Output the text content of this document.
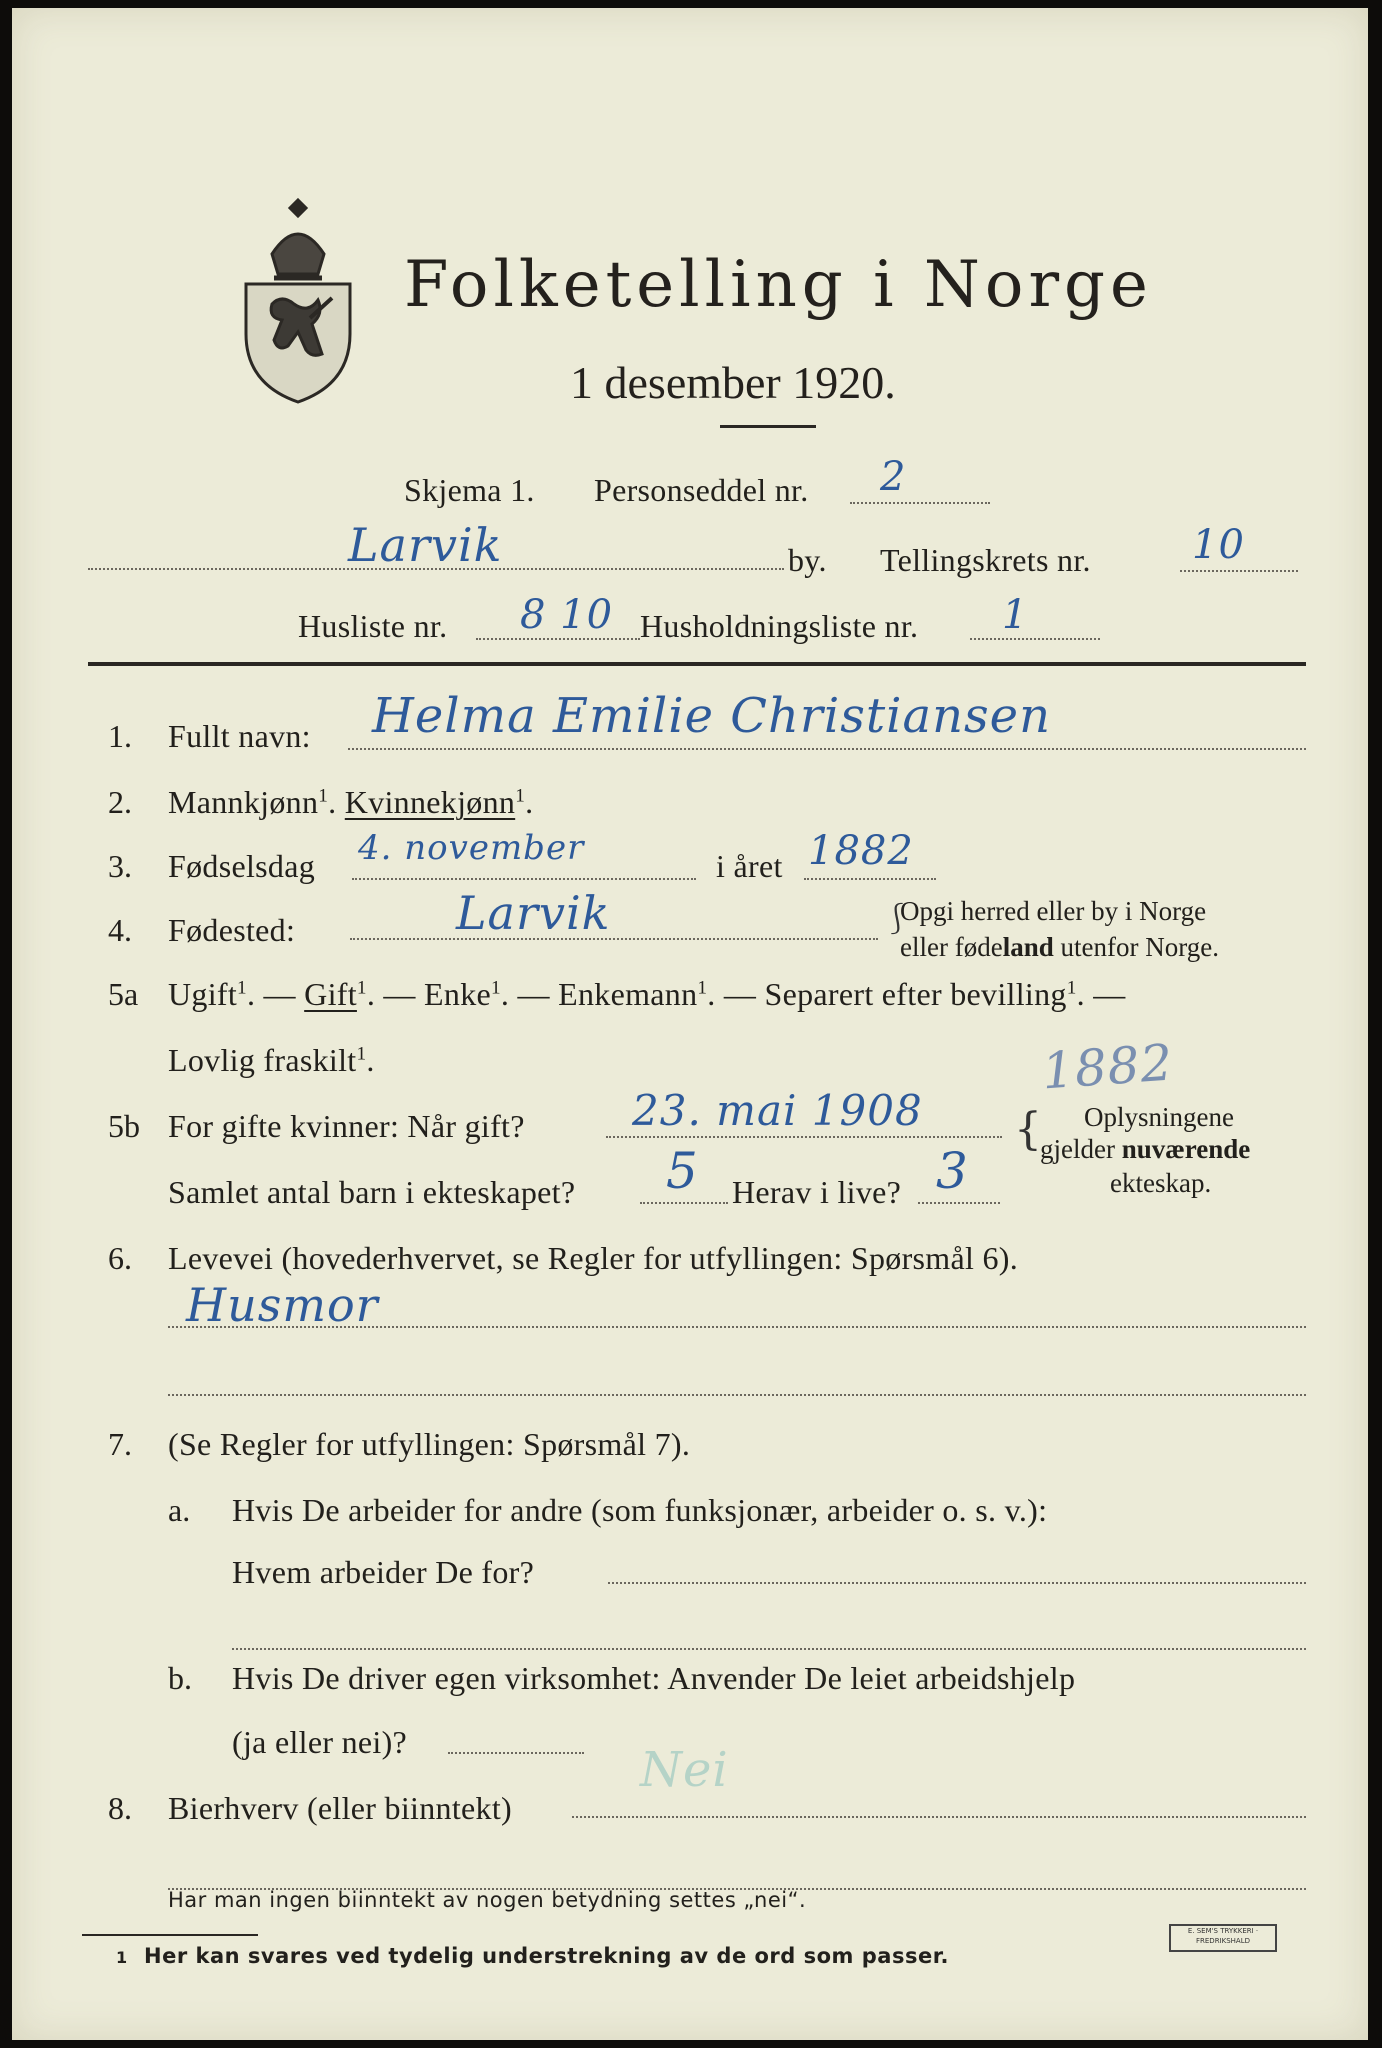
Folketelling i Norge
1 desember 1920.
Skjema 1. Personseddel nr. 2
Larvik	by. Tellingskrets nr.	10
Husliste nr. 8 10 Husholdningsliste nr. 1
1. Fullt navn: Helma Emilie Christiansen
2. Mannkjønn$^1$. Kvinnekjønn$^1$.
3. Fødselsdag 4. november	i året 1882
4. Fødested:	Larvik	⎰
Opgi herred eller by i Norge
eller fødeland utenfor Norge.
5a Ugift$^1$. — Gift$^1$. — Enke$^1$. — Enkemann$^1$. — Separert efter bevilling$^1$. —
Lovlig fraskilt$^1$.	1882
5b For gifte kvinner: Når gift?	23. mai 1908
Samlet antal barn i ekteskapet? 5 Herav i live? 3
{ Oplysningene
gjelder nuværende
ekteskap.
6. Levevei (hovederhvervet, se Regler for utfyllingen: Spørsmål 6).
Husmor
7. (Se Regler for utfyllingen: Spørsmål 7).
a. Hvis De arbeider for andre (som funksjonær, arbeider o. s. v.):
Hvem arbeider De for?
b. Hvis De driver egen virksomhet: Anvender De leiet arbeidshjelp
(ja eller nei)?
8. Bierhverv (eller biinntekt)
Nei
Har man ingen biinntekt av nogen betydning settes „nei“.
1 Her kan svares ved tydelig understrekning av de ord som passer.
E. SEM'S TRYKKERI · FREDRIKSHALD
